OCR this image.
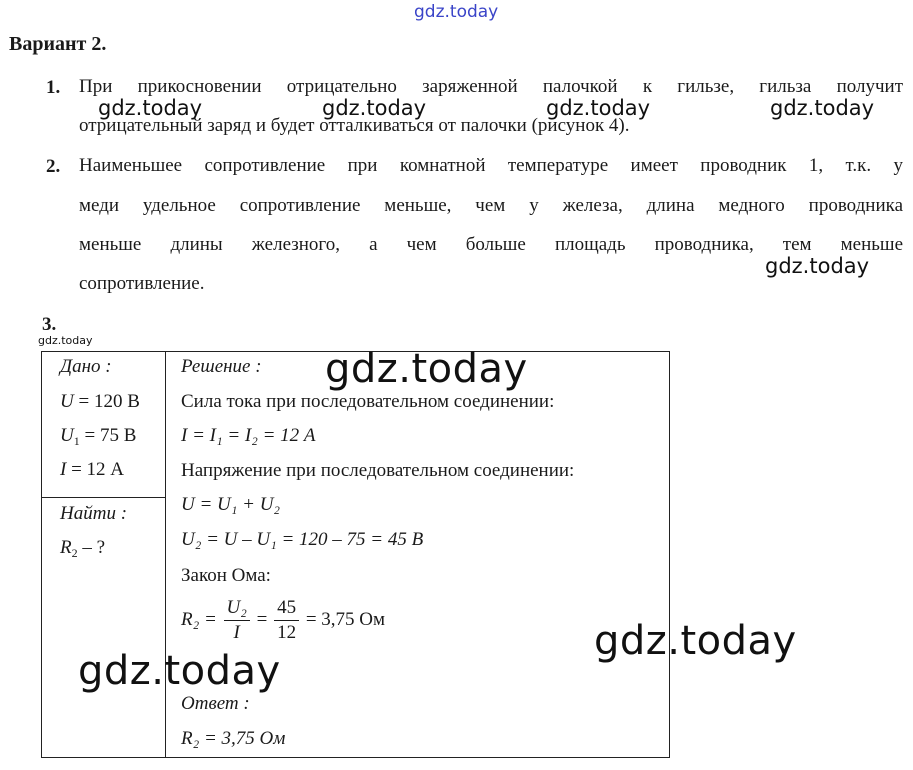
gdz.today
gdz.today	gdz.today	gdz.today	gdz.today
gdz.today
gdz.today
Вариант 2.
1. При прикосновении отрицательно заряженной палочкой к гильзе, гильза получит
отрицательный заряд и будет отталкиваться от палочки (рисунок 4).
2. Наименьшее сопротивление при комнатной температуре имеет проводник 1, т.к. у
меди удельное сопротивление меньше, чем у железа, длина медного проводника
меньше длины железного, а чем больше площадь проводника, тем меньше
сопротивление.
3.
Дано :
U = 120 В
$U_1 = 75$ В
I = 12 А
Найти :
$R_2$ – ?
Решение :
Сила тока при последовательном соединении:
I = I₁ = I₂ = 12 А
Напряжение при последовательном соединении:
U = U₁ + U₂
U₂ = U – U₁ = 120 – 75 = 45 В
Закон Ома:
$R_2 = \frac{\text{U₂}}{I} = \frac{45}{12} = 3,75$ Ом
Ответ :
R₂ = 3,75 Ом
gdz.today
gdz.today
gdz.today
